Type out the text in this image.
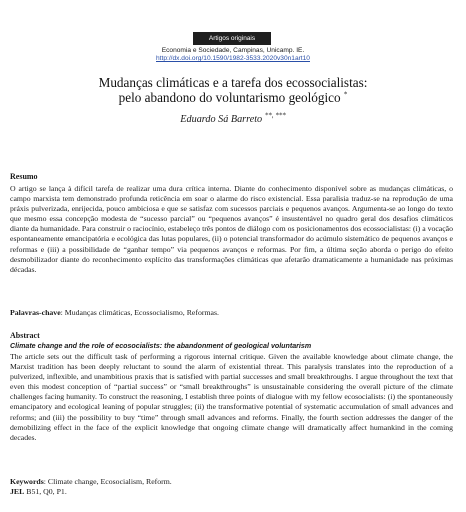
Artigos originais
Economia e Sociedade, Campinas, Unicamp. IE.
http://dx.doi.org/10.1590/1982-3533.2020v30n1art10
Mudanças climáticas e a tarefa dos ecossocialistas:
pelo abandono do voluntarismo geológico *
Eduardo Sá Barreto **, ***
Resumo

O artigo se lança à difícil tarefa de realizar uma dura crítica interna. Diante do conhecimento disponível sobre as mudanças climáticas, o campo marxista tem demonstrado profunda reticência em soar o alarme do risco existencial. Essa paralisia traduz-se na reprodução de uma práxis pulverizada, enrijecida, pouco ambiciosa e que se satisfaz com sucessos parciais e pequenos avanços. Argumenta-se ao longo do texto que mesmo essa concepção modesta de “sucesso parcial” ou “pequenos avanços” é insustentável no quadro geral dos desafios climáticos diante da humanidade. Para construir o raciocínio, estabeleço três pontos de diálogo com os posicionamentos dos ecossocialistas: (i) a vocação espontaneamente emancipatória e ecológica das lutas populares, (ii) o potencial transformador do acúmulo sistemático de pequenos avanços e reformas e (iii) a possibilidade de “ganhar tempo” via pequenos avanços e reformas. Por fim, a última seção aborda o perigo do efeito desmobilizador diante do reconhecimento explícito das transformações climáticas que afetarão dramaticamente a humanidade nas próximas décadas.

Palavras-chave: Mudanças climáticas, Ecossocialismo, Reformas.
Abstract
Climate change and the role of ecosocialists: the abandonment of geological voluntarism

The article sets out the difficult task of performing a rigorous internal critique. Given the available knowledge about climate change, the Marxist tradition has been deeply reluctant to sound the alarm of existential threat. This paralysis translates into the reproduction of a pulverized, inflexible, and unambitious praxis that is satisfied with partial successes and small breakthroughs. I argue throughout the text that even this modest conception of “partial success” or “small breakthroughs” is unsustainable considering the overall picture of the climate challenges facing humanity. To construct the reasoning, I establish three points of dialogue with my fellow ecosocialists: (i) the spontaneously emancipatory and ecological leaning of popular struggles; (ii) the transformative potential of systematic accumulation of small advances and reforms; and (iii) the possibility to buy “time” through small advances and reforms. Finally, the fourth section addresses the danger of the demobilizing effect in the face of the explicit knowledge that ongoing climate change will dramatically affect humankind in the coming decades.

Keywords: Climate change, Ecosocialism, Reform.
JEL B51, Q0, P1.
